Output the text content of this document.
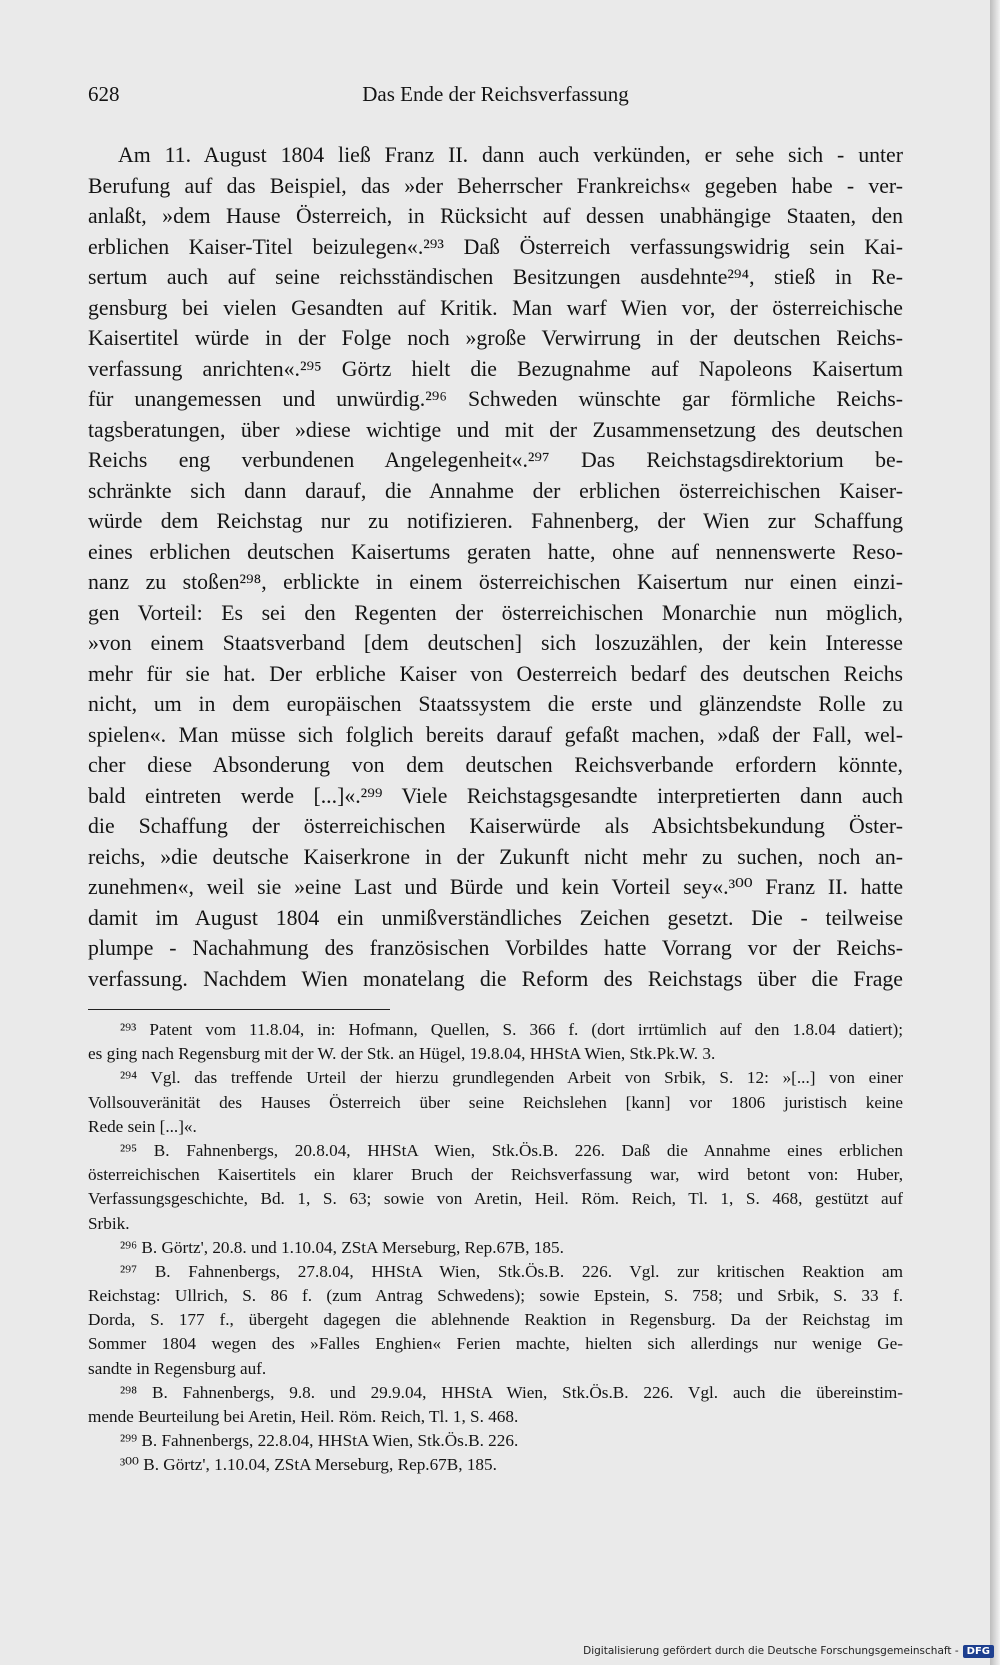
628	Das Ende der Reichsverfassung
Am 11. August 1804 ließ Franz II. dann auch verkünden, er sehe sich - unter
Berufung auf das Beispiel, das »der Beherrscher Frankreichs« gegeben habe - ver-
anlaßt, »dem Hause Österreich, in Rücksicht auf dessen unabhängige Staaten, den
erblichen Kaiser-Titel beizulegen«.²⁹³ Daß Österreich verfassungswidrig sein Kai-
sertum auch auf seine reichsständischen Besitzungen ausdehnte²⁹⁴, stieß in Re-
gensburg bei vielen Gesandten auf Kritik. Man warf Wien vor, der österreichische
Kaisertitel würde in der Folge noch »große Verwirrung in der deutschen Reichs-
verfassung anrichten«.²⁹⁵ Görtz hielt die Bezugnahme auf Napoleons Kaisertum
für unangemessen und unwürdig.²⁹⁶ Schweden wünschte gar förmliche Reichs-
tagsberatungen, über »diese wichtige und mit der Zusammensetzung des deutschen
Reichs eng verbundenen Angelegenheit«.²⁹⁷ Das Reichstagsdirektorium be-
schränkte sich dann darauf, die Annahme der erblichen österreichischen Kaiser-
würde dem Reichstag nur zu notifizieren. Fahnenberg, der Wien zur Schaffung
eines erblichen deutschen Kaisertums geraten hatte, ohne auf nennenswerte Reso-
nanz zu stoßen²⁹⁸, erblickte in einem österreichischen Kaisertum nur einen einzi-
gen Vorteil: Es sei den Regenten der österreichischen Monarchie nun möglich,
»von einem Staatsverband [dem deutschen] sich loszuzählen, der kein Interesse
mehr für sie hat. Der erbliche Kaiser von Oesterreich bedarf des deutschen Reichs
nicht, um in dem europäischen Staatssystem die erste und glänzendste Rolle zu
spielen«. Man müsse sich folglich bereits darauf gefaßt machen, »daß der Fall, wel-
cher diese Absonderung von dem deutschen Reichsverbande erfordern könnte,
bald eintreten werde [...]«.²⁹⁹ Viele Reichstagsgesandte interpretierten dann auch
die Schaffung der österreichischen Kaiserwürde als Absichtsbekundung Öster-
reichs, »die deutsche Kaiserkrone in der Zukunft nicht mehr zu suchen, noch an-
zunehmen«, weil sie »eine Last und Bürde und kein Vorteil sey«.³⁰⁰ Franz II. hatte
damit im August 1804 ein unmißverständliches Zeichen gesetzt. Die - teilweise
plumpe - Nachahmung des französischen Vorbildes hatte Vorrang vor der Reichs-
verfassung. Nachdem Wien monatelang die Reform des Reichstags über die Frage
²⁹³ Patent vom 11.8.04, in: Hofmann, Quellen, S. 366 f. (dort irrtümlich auf den 1.8.04 datiert);
es ging nach Regensburg mit der W. der Stk. an Hügel, 19.8.04, HHStA Wien, Stk.Pk.W. 3.
²⁹⁴ Vgl. das treffende Urteil der hierzu grundlegenden Arbeit von Srbik, S. 12: »[...] von einer
Vollsouveränität des Hauses Österreich über seine Reichslehen [kann] vor 1806 juristisch keine
Rede sein [...]«.
²⁹⁵ B. Fahnenbergs, 20.8.04, HHStA Wien, Stk.Ös.B. 226. Daß die Annahme eines erblichen
österreichischen Kaisertitels ein klarer Bruch der Reichsverfassung war, wird betont von: Huber,
Verfassungsgeschichte, Bd. 1, S. 63; sowie von Aretin, Heil. Röm. Reich, Tl. 1, S. 468, gestützt auf
Srbik.
²⁹⁶ B. Görtz', 20.8. und 1.10.04, ZStA Merseburg, Rep.67B, 185.
²⁹⁷ B. Fahnenbergs, 27.8.04, HHStA Wien, Stk.Ös.B. 226. Vgl. zur kritischen Reaktion am
Reichstag: Ullrich, S. 86 f. (zum Antrag Schwedens); sowie Epstein, S. 758; und Srbik, S. 33 f.
Dorda, S. 177 f., übergeht dagegen die ablehnende Reaktion in Regensburg. Da der Reichstag im
Sommer 1804 wegen des »Falles Enghien« Ferien machte, hielten sich allerdings nur wenige Ge-
sandte in Regensburg auf.
²⁹⁸ B. Fahnenbergs, 9.8. und 29.9.04, HHStA Wien, Stk.Ös.B. 226. Vgl. auch die übereinstim-
mende Beurteilung bei Aretin, Heil. Röm. Reich, Tl. 1, S. 468.
²⁹⁹ B. Fahnenbergs, 22.8.04, HHStA Wien, Stk.Ös.B. 226.
³⁰⁰ B. Görtz', 1.10.04, ZStA Merseburg, Rep.67B, 185.
Digitalisierung gefördert durch die Deutsche Forschungsgemeinschaft - DFG
